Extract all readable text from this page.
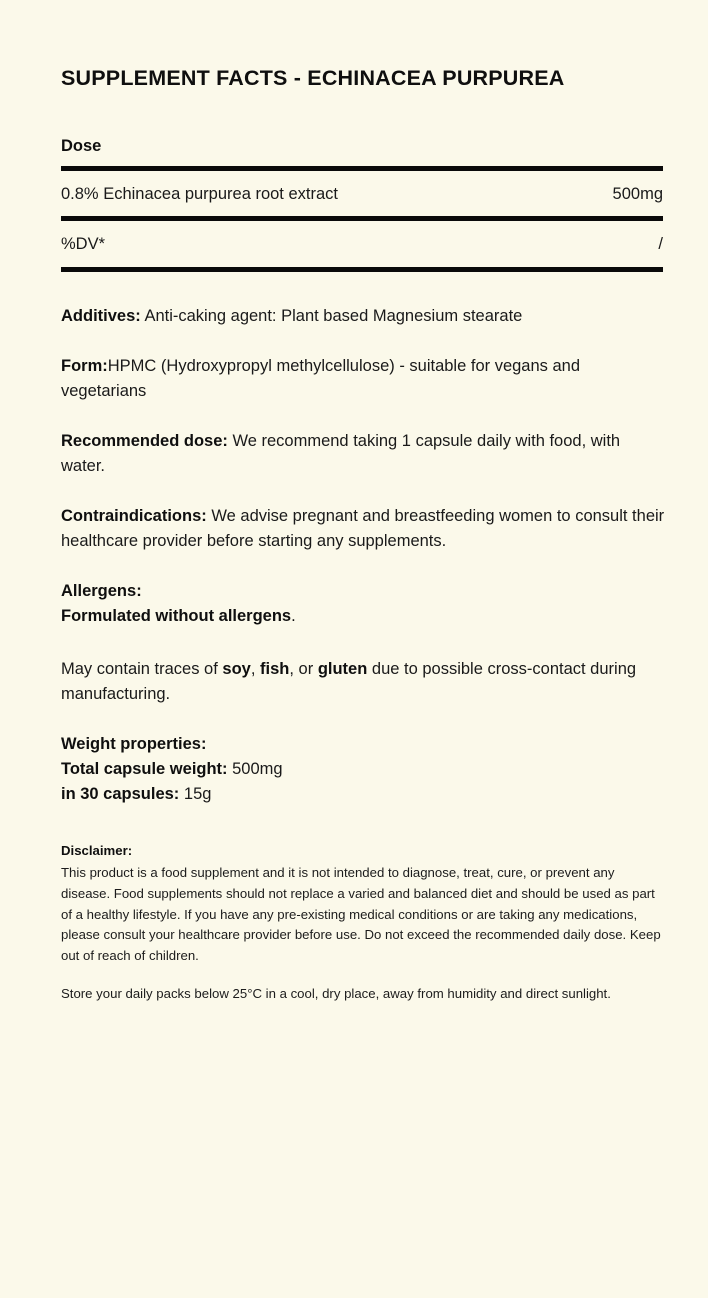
SUPPLEMENT FACTS - ECHINACEA PURPUREA
Dose
0.8% Echinacea purpurea root extract	500mg
%DV*	/

Additives: Anti-caking agent: Plant based Magnesium stearate

Form:HPMC (Hydroxypropyl methylcellulose) - suitable for vegans and vegetarians

Recommended dose: We recommend taking 1 capsule daily with food, with water.

Contraindications: We advise pregnant and breastfeeding women to consult their healthcare provider before starting any supplements.

Allergens:
Formulated without allergens.

May contain traces of soy, fish, or gluten due to possible cross-contact during manufacturing.

Weight properties:
Total capsule weight: 500mg
in 30 capsules: 15g
Disclaimer:

This product is a food supplement and it is not intended to diagnose, treat, cure, or prevent any disease. Food supplements should not replace a varied and balanced diet and should be used as part of a healthy lifestyle. If you have any pre-existing medical conditions or are taking any medications, please consult your healthcare provider before use. Do not exceed the recommended daily dose. Keep out of reach of children.

Store your daily packs below 25°C in a cool, dry place, away from humidity and direct sunlight.
